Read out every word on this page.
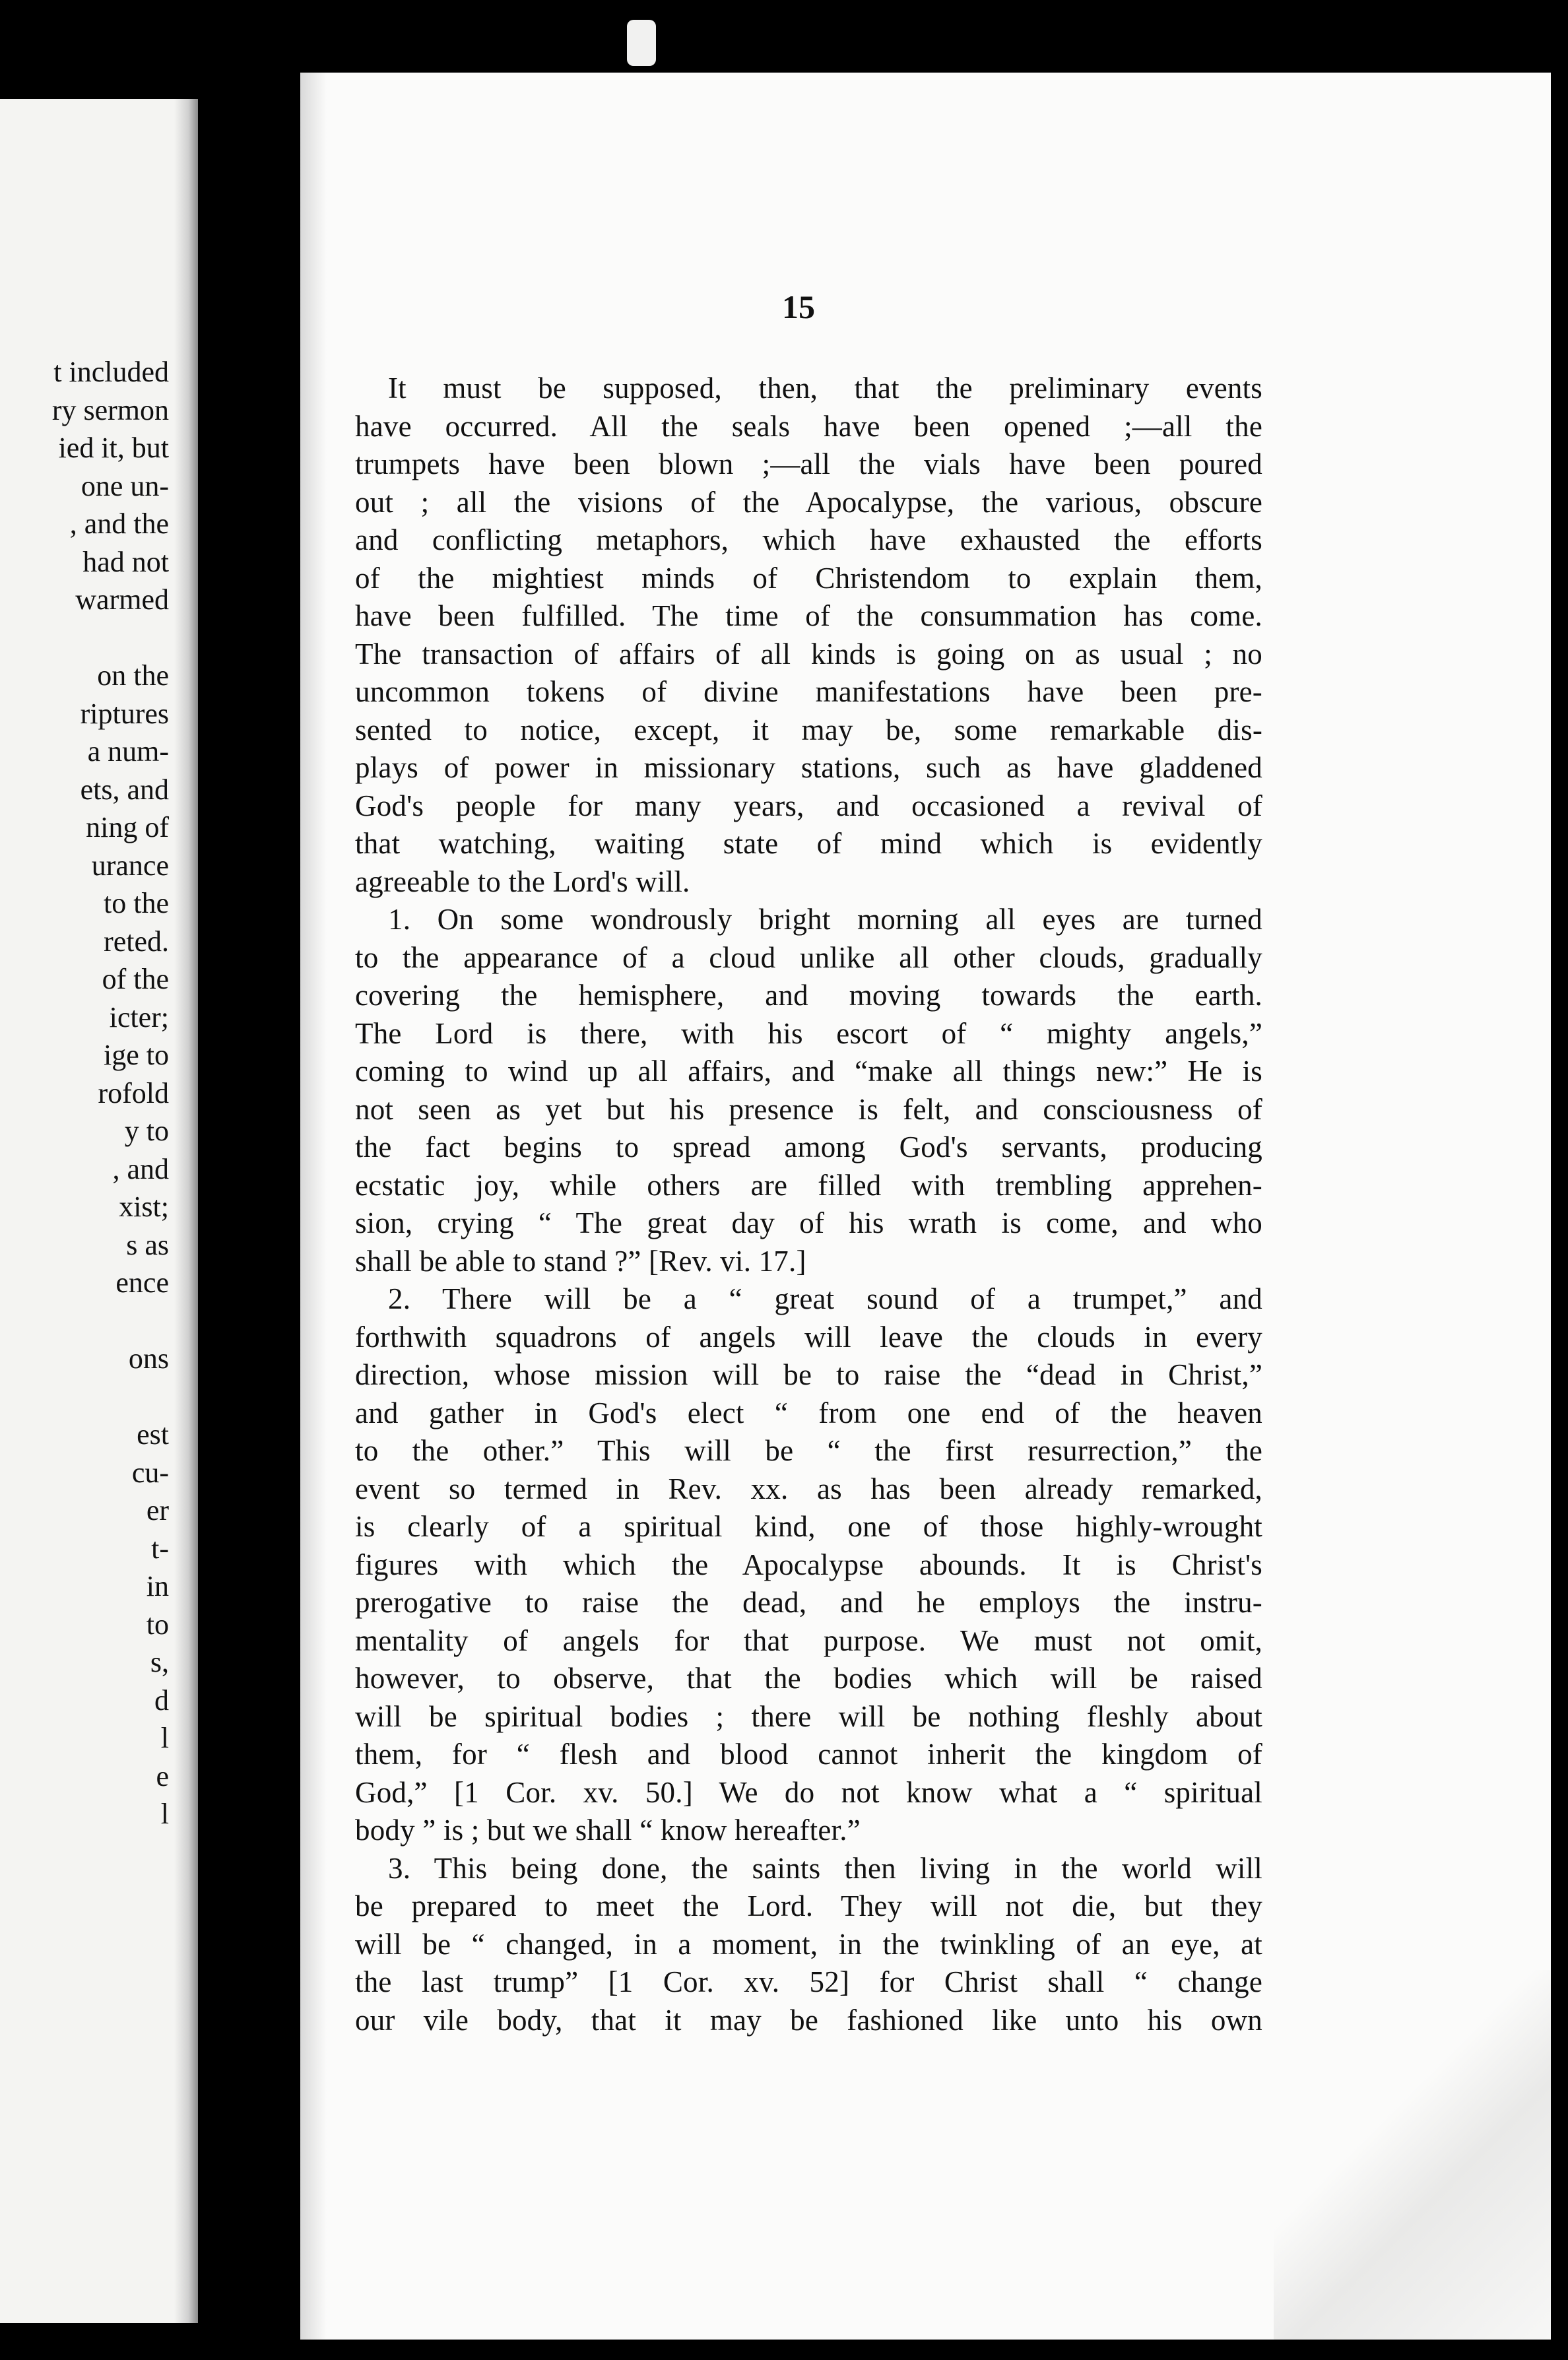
t included
ry sermon
ied it, but
one un-
, and the
had not
warmed
on the
riptures
a num-
ets, and
ning of
urance
to the
reted.
of the
icter;
ige to
rofold
y to
, and
xist;
s as
ence
ons
est
cu-
er
t-
in
to
s,
d
l
e
l
15
It must be supposed, then, that the preliminary events
have occurred. All the seals have been opened ;—all the
trumpets have been blown ;—all the vials have been poured
out ; all the visions of the Apocalypse, the various, obscure
and conflicting metaphors, which have exhausted the efforts
of the mightiest minds of Christendom to explain them,
have been fulfilled. The time of the consummation has come.
The transaction of affairs of all kinds is going on as usual ; no
uncommon tokens of divine manifestations have been pre-
sented to notice, except, it may be, some remarkable dis-
plays of power in missionary stations, such as have gladdened
God's people for many years, and occasioned a revival of
that watching, waiting state of mind which is evidently
agreeable to the Lord's will.
1. On some wondrously bright morning all eyes are turned
to the appearance of a cloud unlike all other clouds, gradually
covering the hemisphere, and moving towards the earth.
The Lord is there, with his escort of “ mighty angels,”
coming to wind up all affairs, and “make all things new:” He is
not seen as yet but his presence is felt, and consciousness of
the fact begins to spread among God's servants, producing
ecstatic joy, while others are filled with trembling apprehen-
sion, crying “ The great day of his wrath is come, and who
shall be able to stand ?” [Rev. vi. 17.]
2. There will be a “ great sound of a trumpet,” and
forthwith squadrons of angels will leave the clouds in every
direction, whose mission will be to raise the “dead in Christ,”
and gather in God's elect “ from one end of the heaven
to the other.” This will be “ the first resurrection,” the
event so termed in Rev. xx. as has been already remarked,
is clearly of a spiritual kind, one of those highly-wrought
figures with which the Apocalypse abounds. It is Christ's
prerogative to raise the dead, and he employs the instru-
mentality of angels for that purpose. We must not omit,
however, to observe, that the bodies which will be raised
will be spiritual bodies ; there will be nothing fleshly about
them, for “ flesh and blood cannot inherit the kingdom of
God,” [1 Cor. xv. 50.] We do not know what a “ spiritual
body ” is ; but we shall “ know hereafter.”
3. This being done, the saints then living in the world will
be prepared to meet the Lord. They will not die, but they
will be “ changed, in a moment, in the twinkling of an eye, at
the last trump” [1 Cor. xv. 52] for Christ shall “ change
our vile body, that it may be fashioned like unto his own
